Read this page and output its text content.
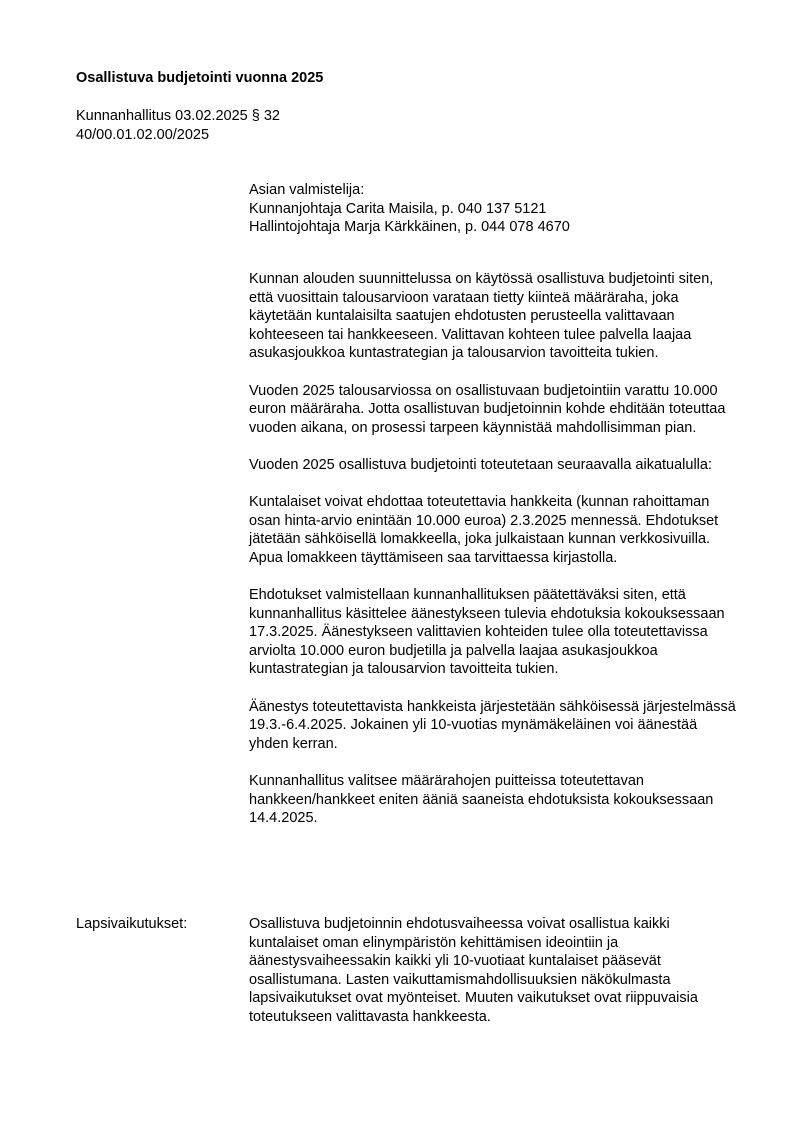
Osallistuva budjetointi vuonna 2025
Kunnanhallitus 03.02.2025 § 32
40/00.01.02.00/2025
Asian valmistelija:
Kunnanjohtaja Carita Maisila, p. 040 137 5121
Hallintojohtaja Marja Kärkkäinen, p. 044 078 4670

Kunnan alouden suunnittelussa on käytössä osallistuva budjetointi siten, että vuosittain talousarvioon varataan tietty kiinteä määräraha, joka käytetään kuntalaisilta saatujen ehdotusten perusteella valittavaan kohteeseen tai hankkeeseen. Valittavan kohteen tulee palvella laajaa asukasjoukkoa kuntastrategian ja talousarvion tavoitteita tukien.

Vuoden 2025 talousarviossa on osallistuvaan budjetointiin varattu 10.000 euron määräraha. Jotta osallistuvan budjetoinnin kohde ehditään toteuttaa vuoden aikana, on prosessi tarpeen käynnistää mahdollisimman pian.

Vuoden 2025 osallistuva budjetointi toteutetaan seuraavalla aikatualulla:

Kuntalaiset voivat ehdottaa toteutettavia hankkeita (kunnan rahoittaman osan hinta-arvio enintään 10.000 euroa) 2.3.2025 mennessä. Ehdotukset jätetään sähköisellä lomakkeella, joka julkaistaan kunnan verkkosivuilla. Apua lomakkeen täyttämiseen saa tarvittaessa kirjastolla.

Ehdotukset valmistellaan kunnanhallituksen päätettäväksi siten, että kunnanhallitus käsittelee äänestykseen tulevia ehdotuksia kokouksessaan 17.3.2025. Äänestykseen valittavien kohteiden tulee olla toteutettavissa arviolta 10.000 euron budjetilla ja palvella laajaa asukasjoukkoa kuntastrategian ja talousarvion tavoitteita tukien.

Äänestys toteutettavista hankkeista järjestetään sähköisessä järjestelmässä 19.3.-6.4.2025. Jokainen yli 10-vuotias mynämäkeläinen voi äänestää yhden kerran.

Kunnanhallitus valitsee määrärahojen puitteissa toteutettavan hankkeen/hankkeet eniten ääniä saaneista ehdotuksista kokouksessaan 14.4.2025.

Lapsivaikutukset:	Osallistuva budjetoinnin ehdotusvaiheessa voivat osallistua kaikki kuntalaiset oman elinympäristön kehittämisen ideointiin ja äänestysvaiheessakin kaikki yli 10-vuotiaat kuntalaiset pääsevät osallistumana. Lasten vaikuttamismahdollisuuksien näkökulmasta lapsivaikutukset ovat myönteiset. Muuten vaikutukset ovat riippuvaisia toteutukseen valittavasta hankkeesta.
